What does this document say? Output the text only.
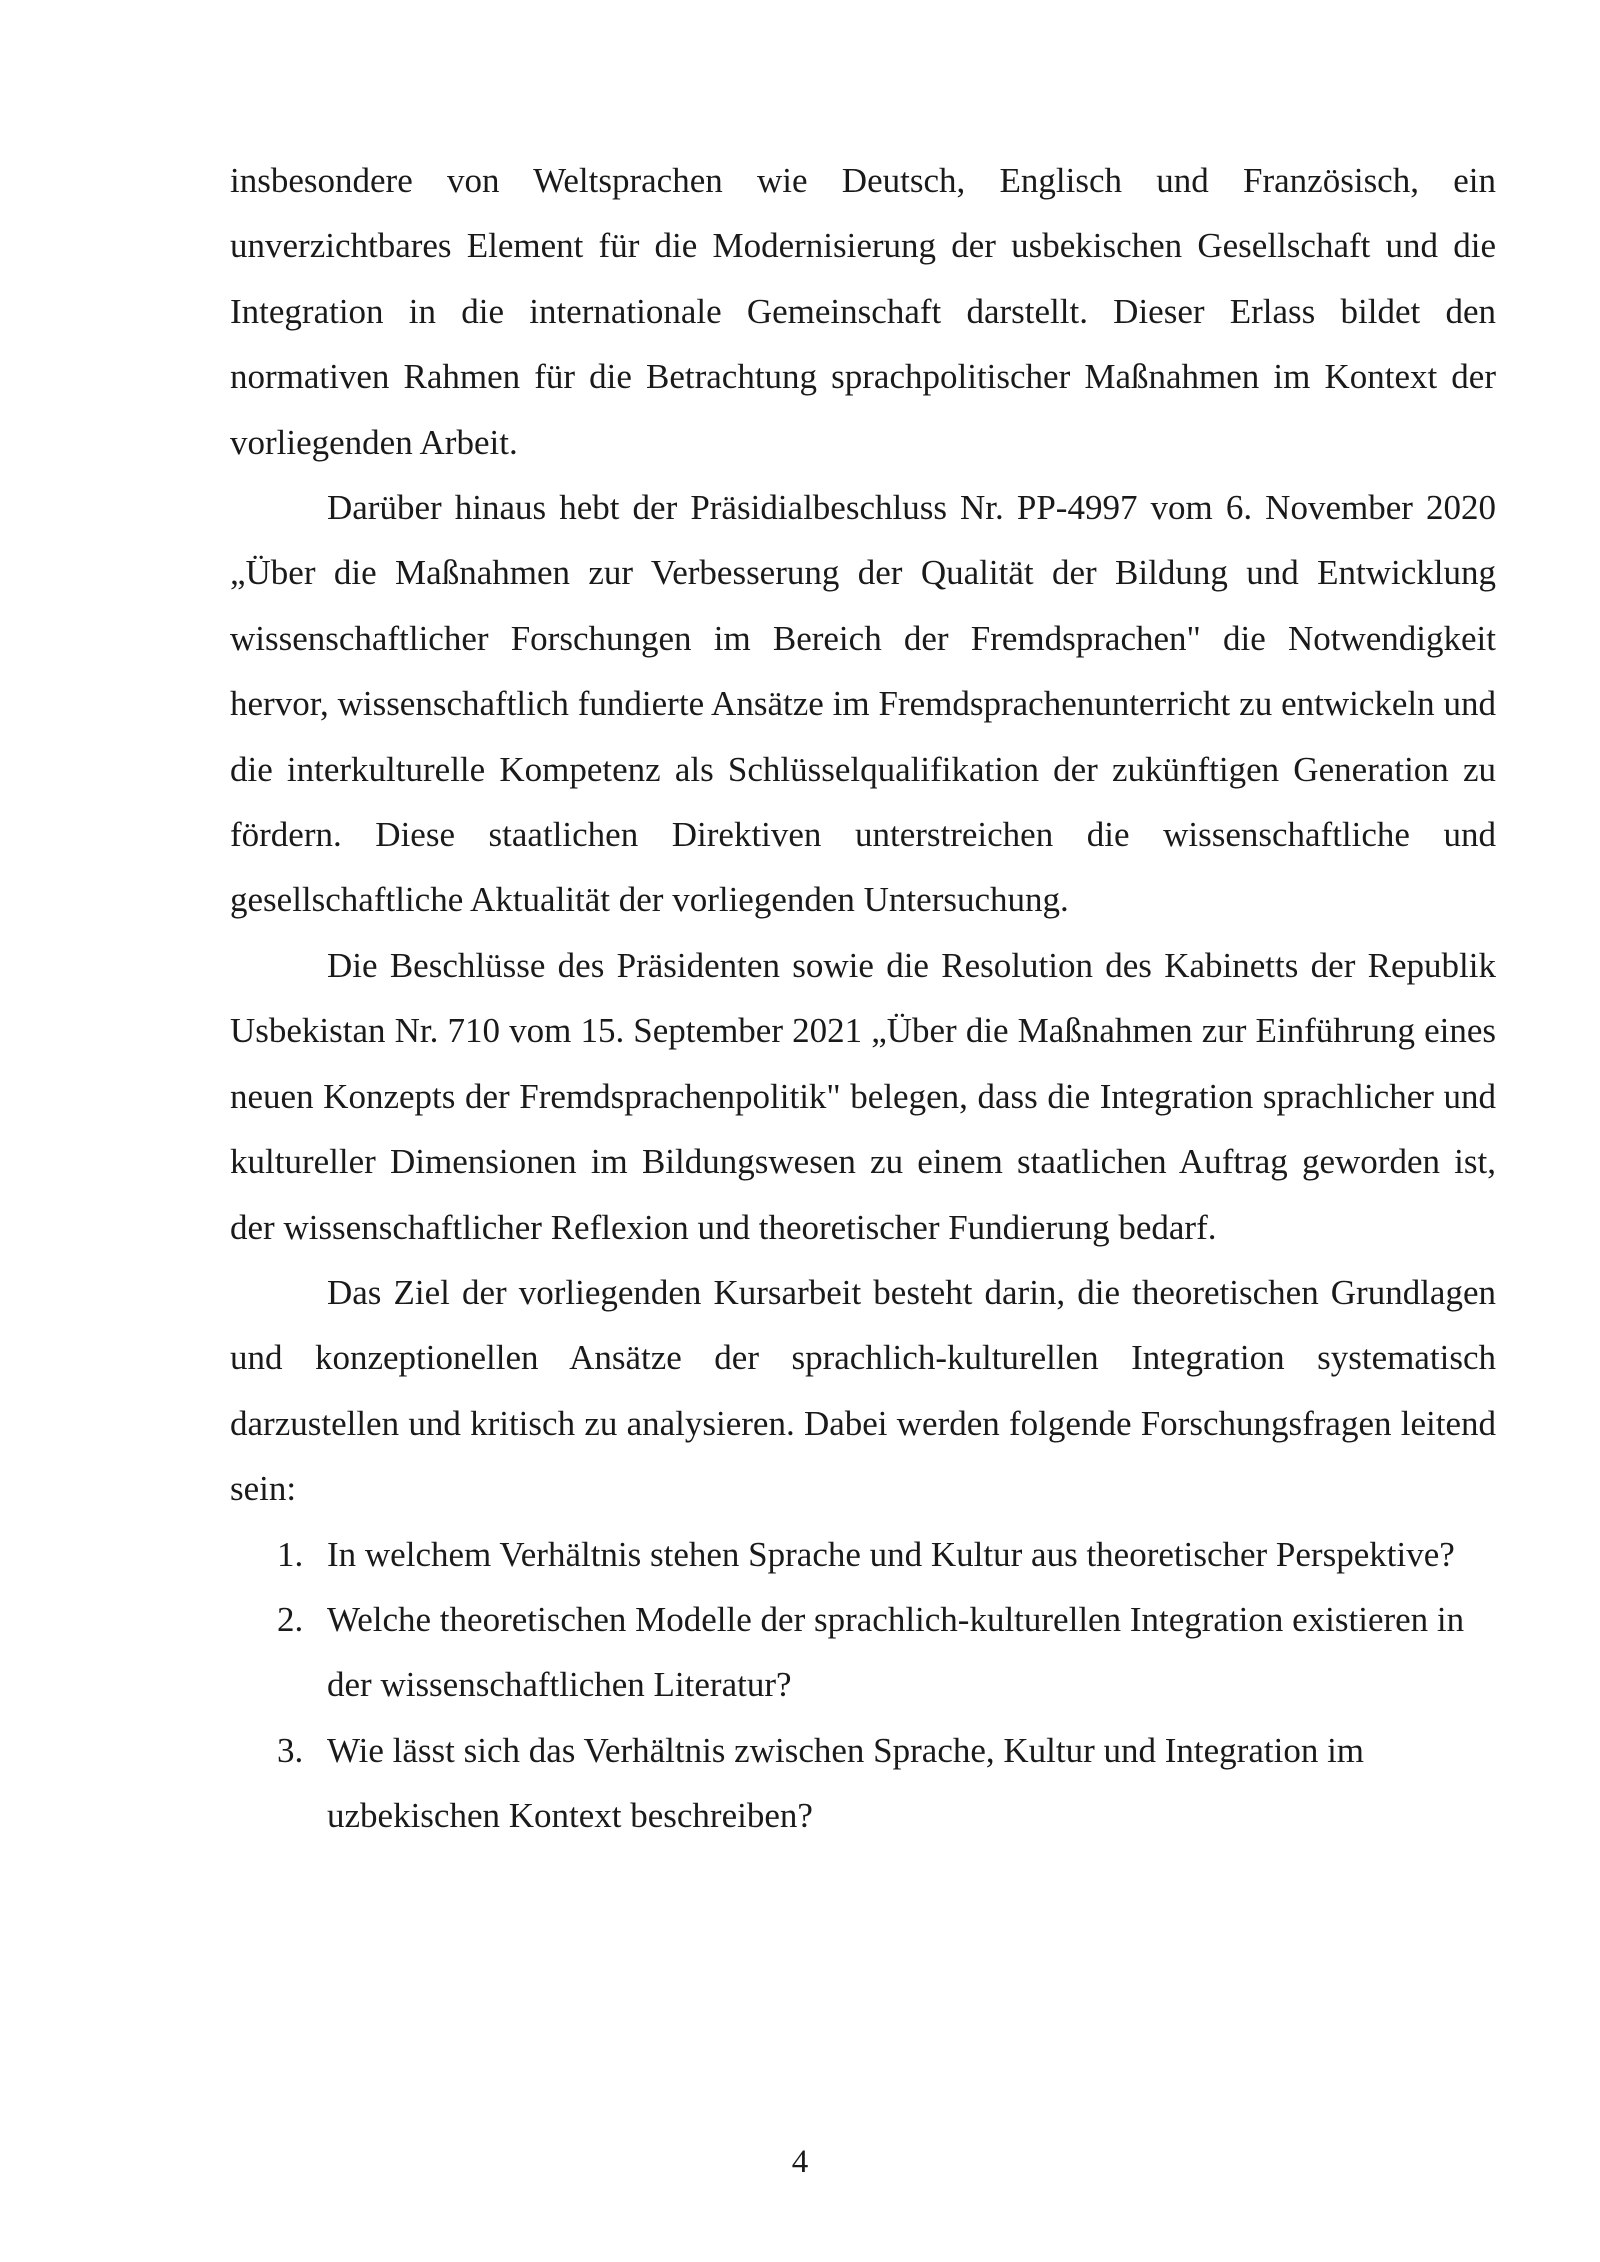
insbesondere von Weltsprachen wie Deutsch, Englisch und Französisch, ein unverzichtbares Element für die Modernisierung der usbekischen Gesellschaft und die Integration in die internationale Gemeinschaft darstellt. Dieser Erlass bildet den normativen Rahmen für die Betrachtung sprachpolitischer Maßnahmen im Kontext der vorliegenden Arbeit.

Darüber hinaus hebt der Präsidialbeschluss Nr. PP-4997 vom 6. November 2020 „Über die Maßnahmen zur Verbesserung der Qualität der Bildung und Entwicklung wissenschaftlicher Forschungen im Bereich der Fremdsprachen" die Notwendigkeit hervor, wissenschaftlich fundierte Ansätze im Fremdsprachenunterricht zu entwickeln und die interkulturelle Kompetenz als Schlüsselqualifikation der zukünftigen Generation zu fördern. Diese staatlichen Direktiven unterstreichen die wissenschaftliche und gesellschaftliche Aktualität der vorliegenden Untersuchung.

Die Beschlüsse des Präsidenten sowie die Resolution des Kabinetts der Republik Usbekistan Nr. 710 vom 15. September 2021 „Über die Maßnahmen zur Einführung eines neuen Konzepts der Fremdsprachenpolitik" belegen, dass die Integration sprachlicher und kultureller Dimensionen im Bildungswesen zu einem staatlichen Auftrag geworden ist, der wissenschaftlicher Reflexion und theoretischer Fundierung bedarf.

Das Ziel der vorliegenden Kursarbeit besteht darin, die theoretischen Grundlagen und konzeptionellen Ansätze der sprachlich-kulturellen Integration systematisch darzustellen und kritisch zu analysieren. Dabei werden folgende Forschungsfragen leitend sein:

1. In welchem Verhältnis stehen Sprache und Kultur aus theoretischer Perspektive?
2. Welche theoretischen Modelle der sprachlich-kulturellen Integration existieren in der wissenschaftlichen Literatur?
3. Wie lässt sich das Verhältnis zwischen Sprache, Kultur und Integration im uzbekischen Kontext beschreiben?
4
